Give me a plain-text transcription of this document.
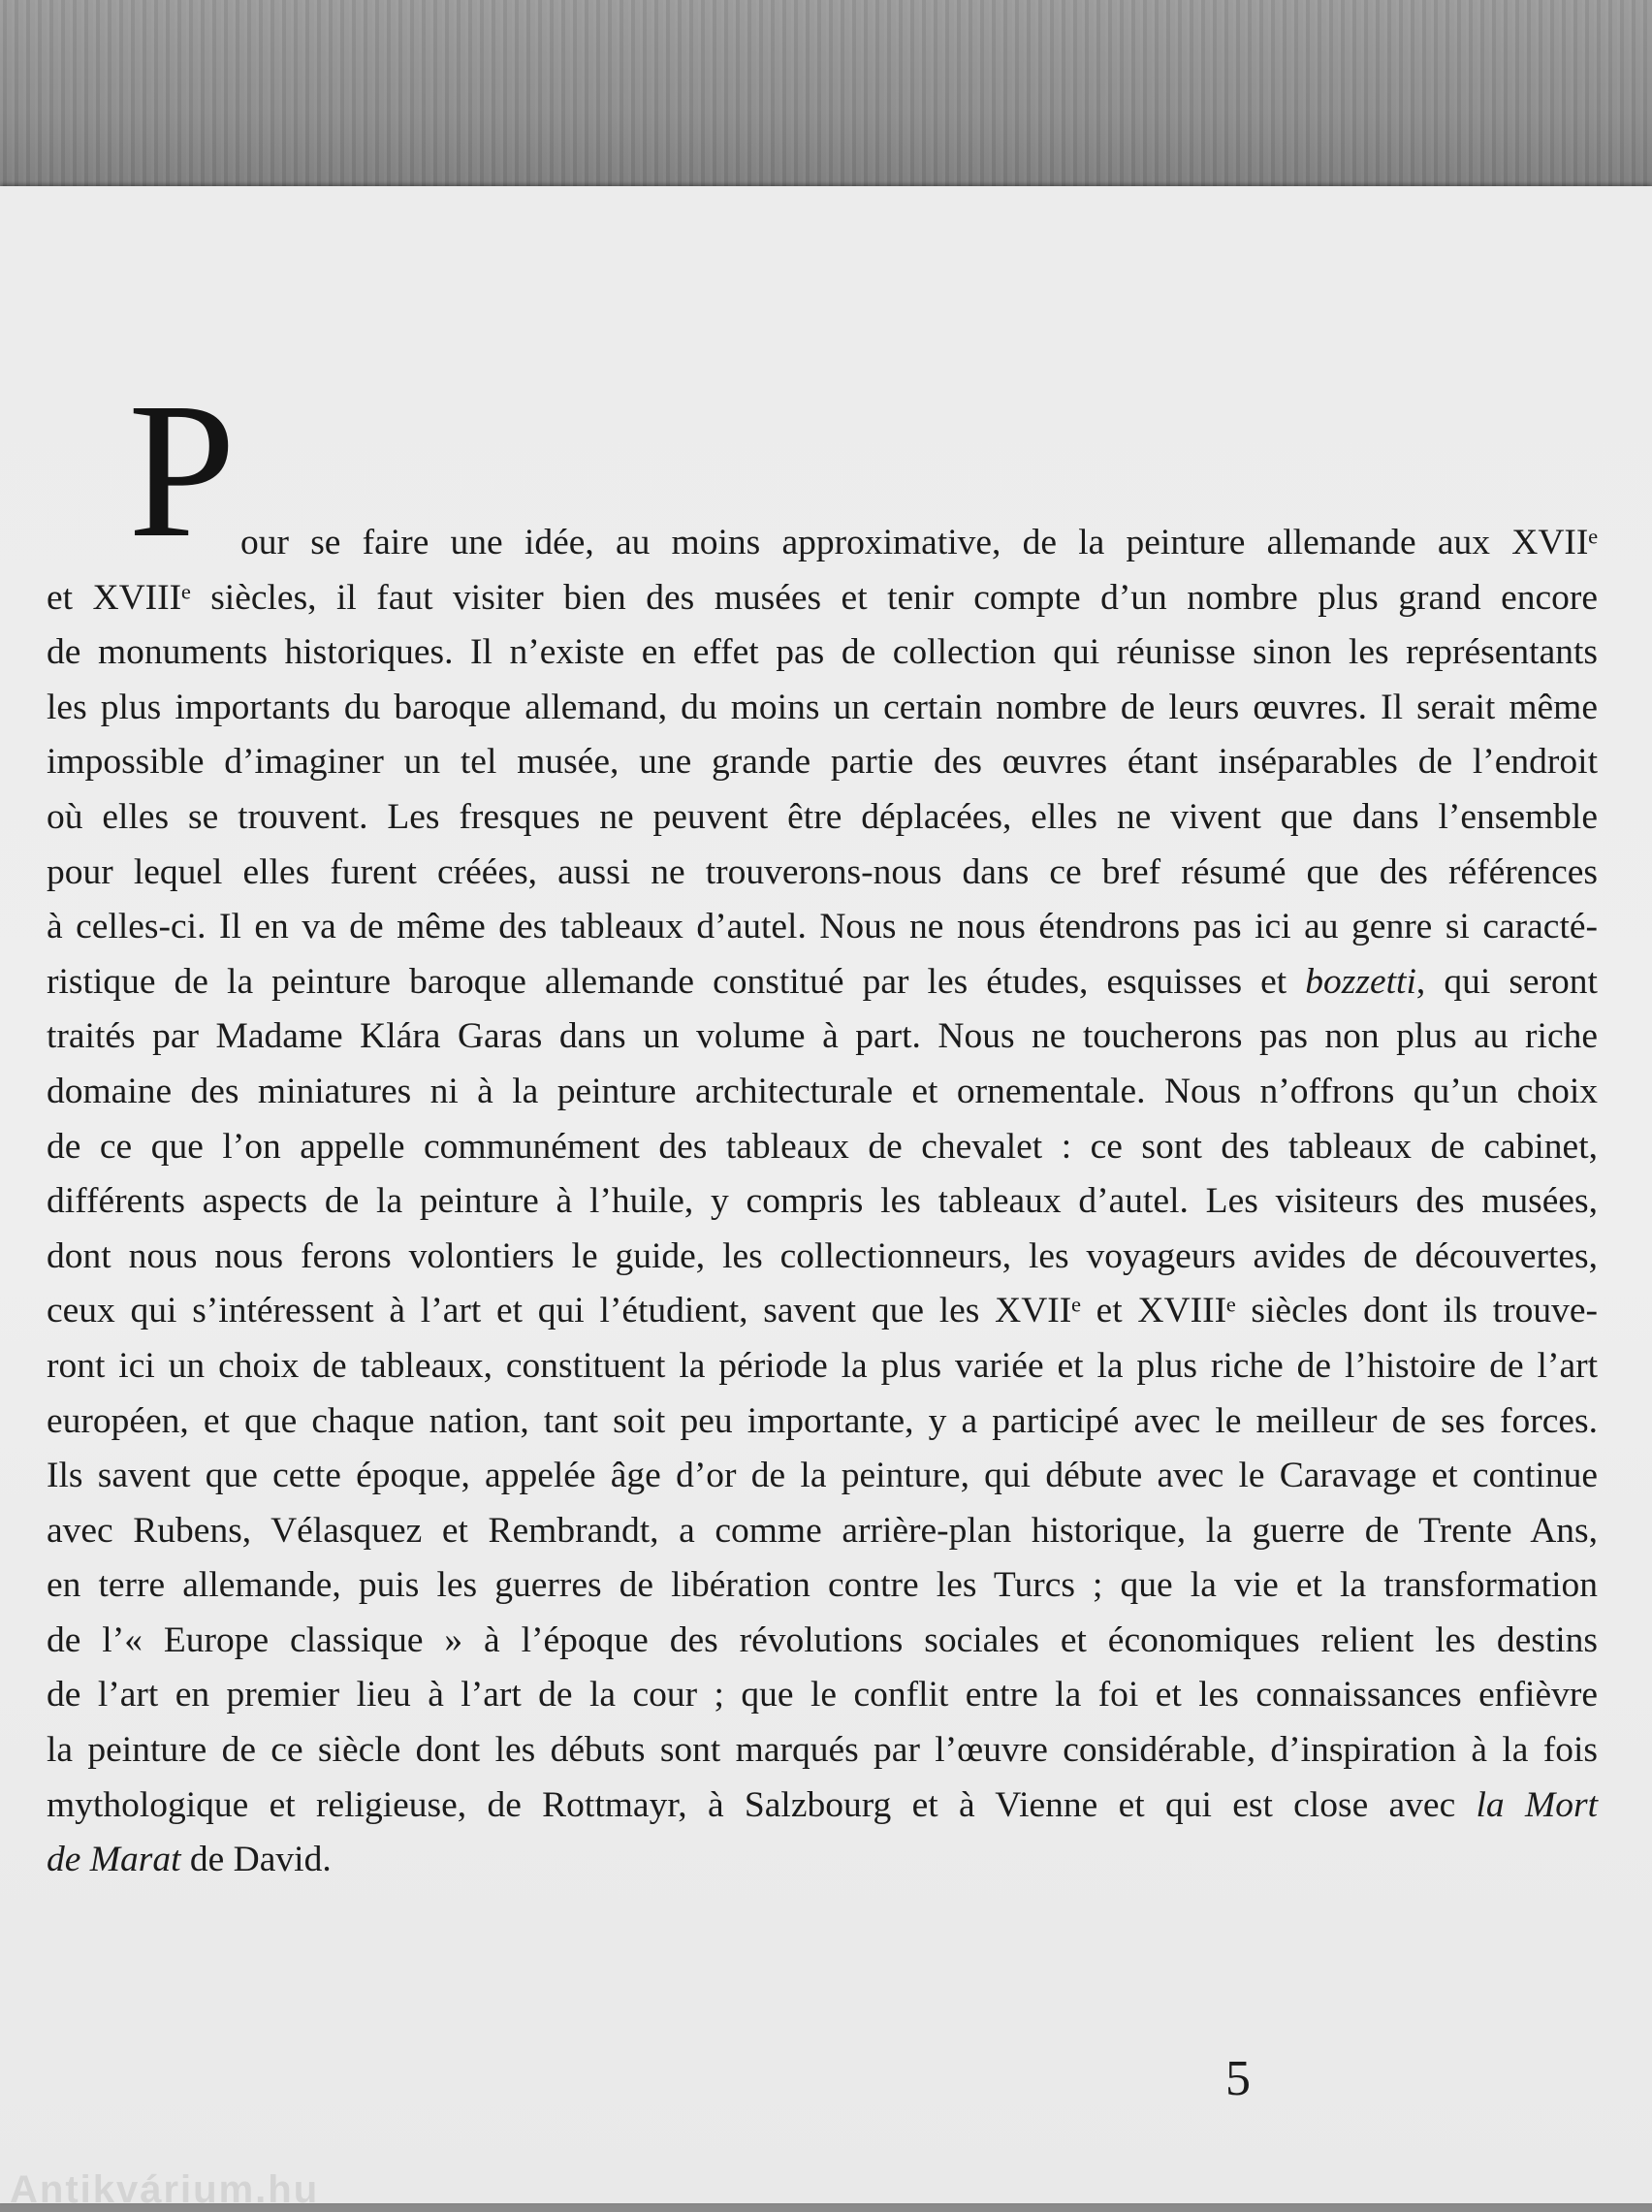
P our se faire une idée, au moins approximative, de la peinture allemande aux XVIIᵉ
et XVIIIᵉ siècles, il faut visiter bien des musées et tenir compte d’un nombre plus grand encore
de monuments historiques. Il n’existe en effet pas de collection qui réunisse sinon les représentants
les plus importants du baroque allemand, du moins un certain nombre de leurs œuvres. Il serait même
impossible d’imaginer un tel musée, une grande partie des œuvres étant inséparables de l’endroit
où elles se trouvent. Les fresques ne peuvent être déplacées, elles ne vivent que dans l’ensemble
pour lequel elles furent créées, aussi ne trouverons-nous dans ce bref résumé que des références
à celles-ci. Il en va de même des tableaux d’autel. Nous ne nous étendrons pas ici au genre si caracté-
ristique de la peinture baroque allemande constitué par les études, esquisses et bozzetti, qui seront
traités par Madame Klára Garas dans un volume à part. Nous ne toucherons pas non plus au riche
domaine des miniatures ni à la peinture architecturale et ornementale. Nous n’offrons qu’un choix
de ce que l’on appelle communément des tableaux de chevalet : ce sont des tableaux de cabinet,
différents aspects de la peinture à l’huile, y compris les tableaux d’autel. Les visiteurs des musées,
dont nous nous ferons volontiers le guide, les collectionneurs, les voyageurs avides de découvertes,
ceux qui s’intéressent à l’art et qui l’étudient, savent que les XVIIᵉ et XVIIIᵉ siècles dont ils trouve-
ront ici un choix de tableaux, constituent la période la plus variée et la plus riche de l’histoire de l’art
européen, et que chaque nation, tant soit peu importante, y a participé avec le meilleur de ses forces.
Ils savent que cette époque, appelée âge d’or de la peinture, qui débute avec le Caravage et continue
avec Rubens, Vélasquez et Rembrandt, a comme arrière-plan historique, la guerre de Trente Ans,
en terre allemande, puis les guerres de libération contre les Turcs ; que la vie et la transformation
de l’« Europe classique » à l’époque des révolutions sociales et économiques relient les destins
de l’art en premier lieu à l’art de la cour ; que le conflit entre la foi et les connaissances enfièvre
la peinture de ce siècle dont les débuts sont marqués par l’œuvre considérable, d’inspiration à la fois
mythologique et religieuse, de Rottmayr, à Salzbourg et à Vienne et qui est close avec la Mort
de Marat de David.
5
Antikvárium.hu
